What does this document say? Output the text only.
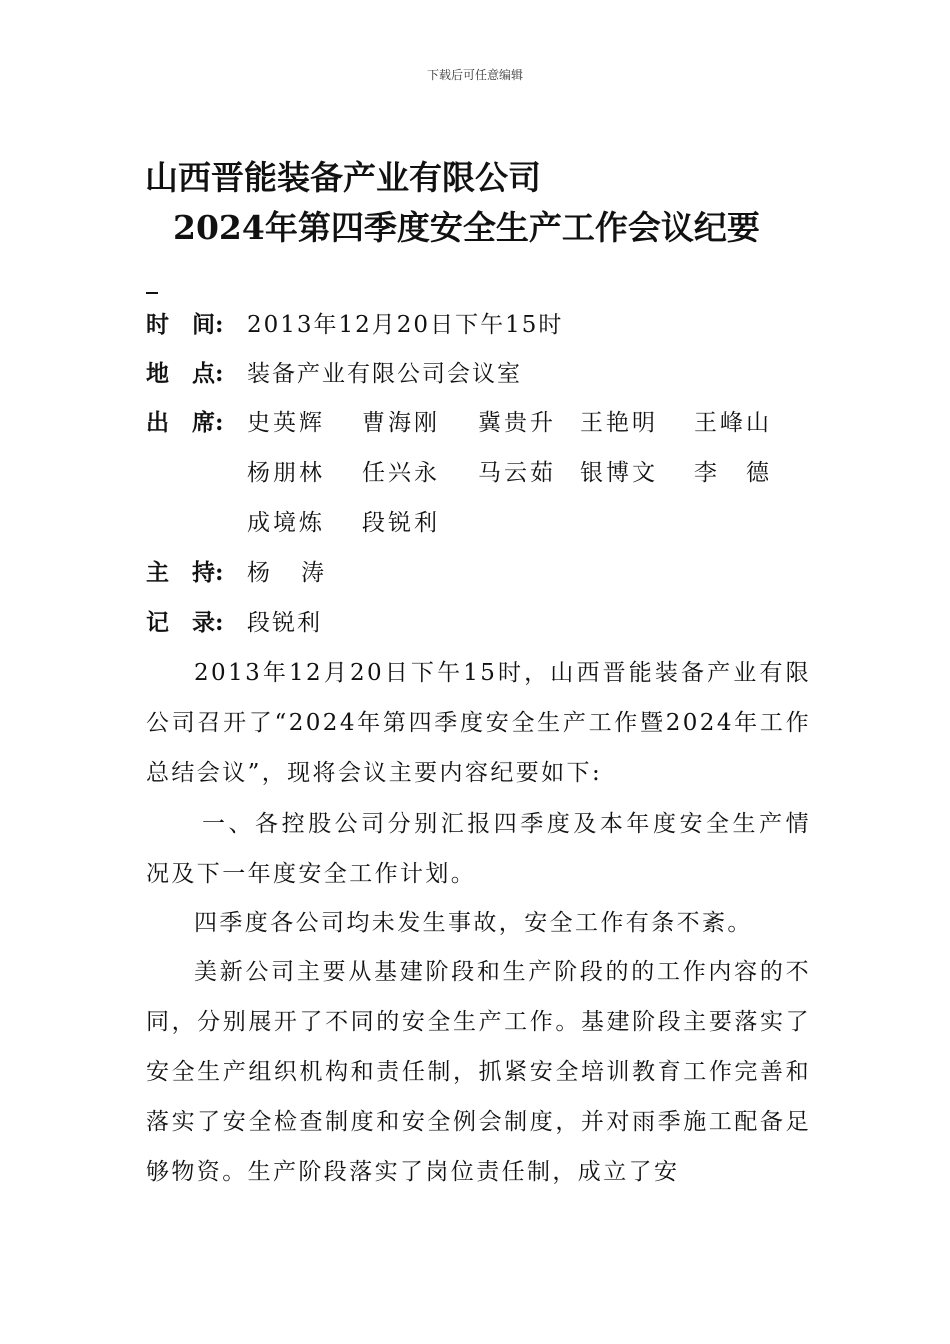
下载后可任意编辑
山西晋能装备产业有限公司
2024年第四季度安全生产工作会议纪要
时　间: 2013年12月20日下午15时
地　点: 装备产业有限公司会议室
出　席: 史英辉 曹海刚 冀贵升 王艳明 王峰山
杨朋林 任兴永 马云茹 银博文 李　德
成境炼 段锐利
主　持: 杨　涛
记　录: 段锐利
2013年12月20日下午15时，山西晋能装备产业有限公司召开了“2024年第四季度安全生产工作暨2024年工作总结会议”，现将会议主要内容纪要如下:
一、各控股公司分别汇报四季度及本年度安全生产情况及下一年度安全工作计划。
四季度各公司均未发生事故，安全工作有条不紊。
美新公司主要从基建阶段和生产阶段的的工作内容的不同，分别展开了不同的安全生产工作。基建阶段主要落实了安全生产组织机构和责任制，抓紧安全培训教育工作完善和落实了安全检查制度和安全例会制度，并对雨季施工配备足够物资。生产阶段落实了岗位责任制，成立了安
